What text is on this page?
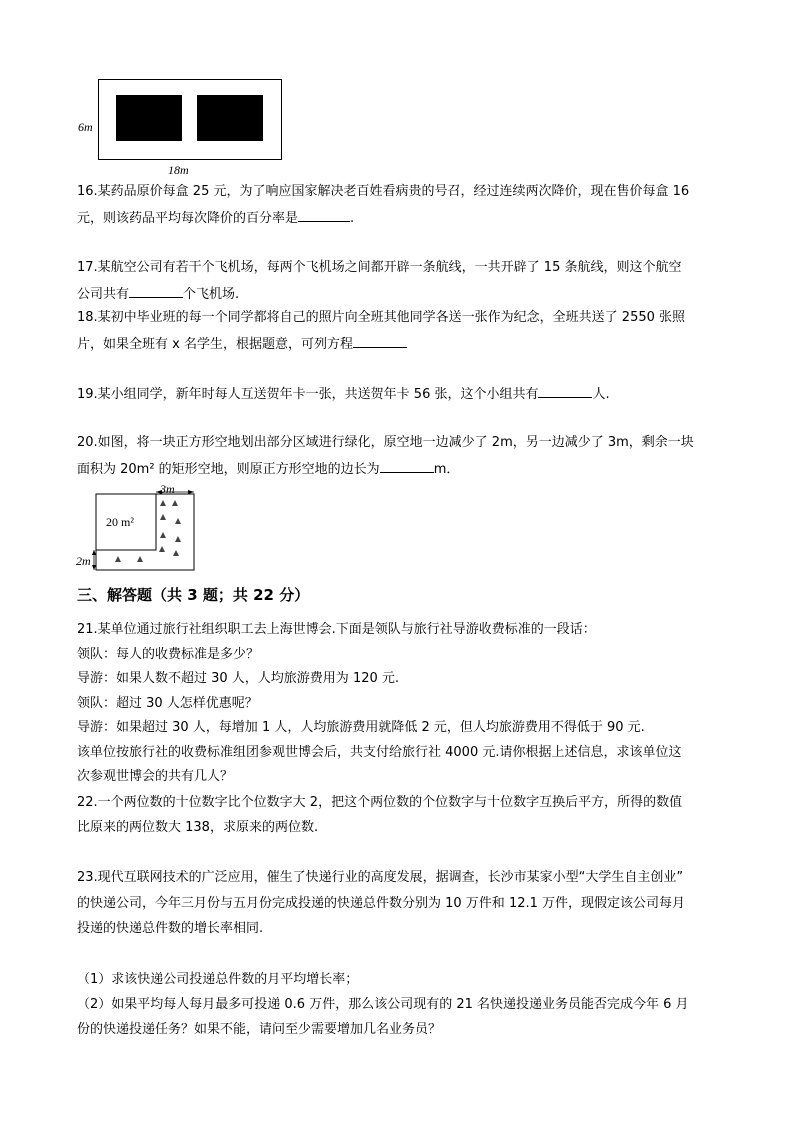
6m
18m
16.某药品原价每盒 25 元，为了响应国家解决老百姓看病贵的号召，经过连续两次降价，现在售价每盒 16
元，则该药品平均每次降价的百分率是	.
17.某航空公司有若干个飞机场，每两个飞机场之间都开辟一条航线，一共开辟了 15 条航线，则这个航空
公司共有	个飞机场.
18.某初中毕业班的每一个同学都将自己的照片向全班其他同学各送一张作为纪念，全班共送了 2550 张照
片，如果全班有 x 名学生，根据题意，可列方程
19.某小组同学，新年时每人互送贺年卡一张，共送贺年卡 56 张，这个小组共有	人.
20.如图，将一块正方形空地划出部分区域进行绿化，原空地一边减少了 2m，另一边减少了 3m，剩余一块
面积为 20m² 的矩形空地，则原正方形空地的边长为	m．
3m
20 m²
2m
三、解答题（共 3 题；共 22 分）
21.某单位通过旅行社组织职工去上海世博会.下面是领队与旅行社导游收费标准的一段话：
领队：每人的收费标准是多少？
导游：如果人数不超过 30 人，人均旅游费用为 120 元.
领队：超过 30 人怎样优惠呢？
导游：如果超过 30 人，每增加 1 人，人均旅游费用就降低 2 元，但人均旅游费用不得低于 90 元.
该单位按旅行社的收费标准组团参观世博会后，共支付给旅行社 4000 元.请你根据上述信息，求该单位这
次参观世博会的共有几人？
22.一个两位数的十位数字比个位数字大 2，把这个两位数的个位数字与十位数字互换后平方，所得的数值
比原来的两位数大 138，求原来的两位数.
23.现代互联网技术的广泛应用，催生了快递行业的高度发展，据调查，长沙市某家小型“大学生自主创业”
的快递公司，今年三月份与五月份完成投递的快递总件数分别为 10 万件和 12.1 万件，现假定该公司每月
投递的快递总件数的增长率相同.
（1）求该快递公司投递总件数的月平均增长率；
（2）如果平均每人每月最多可投递 0.6 万件，那么该公司现有的 21 名快递投递业务员能否完成今年 6 月
份的快递投递任务？如果不能，请问至少需要增加几名业务员？
